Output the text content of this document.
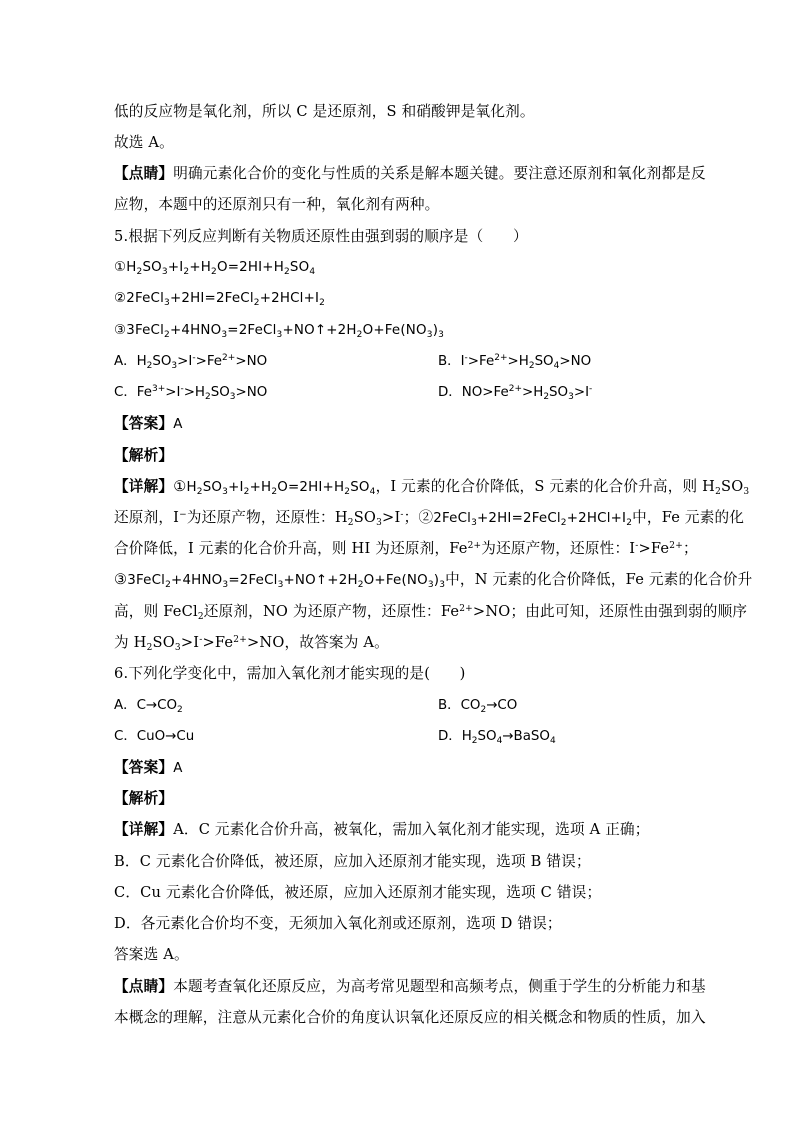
低的反应物是氧化剂，所以 C 是还原剂，S 和硝酸钾是氧化剂。
故选 A。
【点睛】明确元素化合价的变化与性质的关系是解本题关键。要注意还原剂和氧化剂都是反
应物，本题中的还原剂只有一种，氧化剂有两种。
5.根据下列反应判断有关物质还原性由强到弱的顺序是（　　）
$①H_2SO_3+I_2+H_2O=2HI+H_2SO_4$
$②2FeCl_3+2HI=2FeCl_2+2HCl+I_2$
$③3FeCl_2+4HNO_3=2FeCl_3+NO↑+2H_2O+Fe(NO_3)_3$
A．$H_2SO_3>I^->Fe^{2+}>NO$	B．$I^->Fe^{2+}>H_2SO_4>NO$
C．$Fe^{3+}>I^->H_2SO_3>NO$	D．$NO>Fe^{2+}>H_2SO_3>I^-$
【答案】A
【解析】
【详解】$①H_2SO_3+I_2+H_2O=2HI+H_2SO_4$，I 元素的化合价降低，S 元素的化合价升高，则 $H_2SO_3$
还原剂，I−为还原产物，还原性：$H_2SO_3>I^-$；$②2FeCl_3+2HI=2FeCl_2+2HCl+I_2$中，Fe 元素的化
合价降低，I 元素的化合价升高，则 HI 为还原剂，$Fe^{2+}$为还原产物，还原性：$I^->Fe^{2+}$；
$③3FeCl_2+4HNO_3=2FeCl_3+NO↑+2H_2O+Fe(NO_3)_3$中，N 元素的化合价降低，Fe 元素的化合价升
高，则 FeCl$_2$还原剂，NO 为还原产物，还原性：$Fe^{2+}>NO$；由此可知，还原性由强到弱的顺序
为 $H_2SO_3>I^->Fe^{2+}>NO$，故答案为 A。
6.下列化学变化中，需加入氧化剂才能实现的是(　　)
A．$C\to CO_2$	B．$CO_2\to CO$
C．CuO→Cu	D．$H_2SO_4\to BaSO_4$
【答案】A
【解析】
【详解】A．C 元素化合价升高，被氧化，需加入氧化剂才能实现，选项 A 正确；
B．C 元素化合价降低，被还原，应加入还原剂才能实现，选项 B 错误；
C．Cu 元素化合价降低，被还原，应加入还原剂才能实现，选项 C 错误；
D．各元素化合价均不变，无须加入氧化剂或还原剂，选项 D 错误；
答案选 A。
【点睛】本题考查氧化还原反应，为高考常见题型和高频考点，侧重于学生的分析能力和基
本概念的理解，注意从元素化合价的角度认识氧化还原反应的相关概念和物质的性质，加入
